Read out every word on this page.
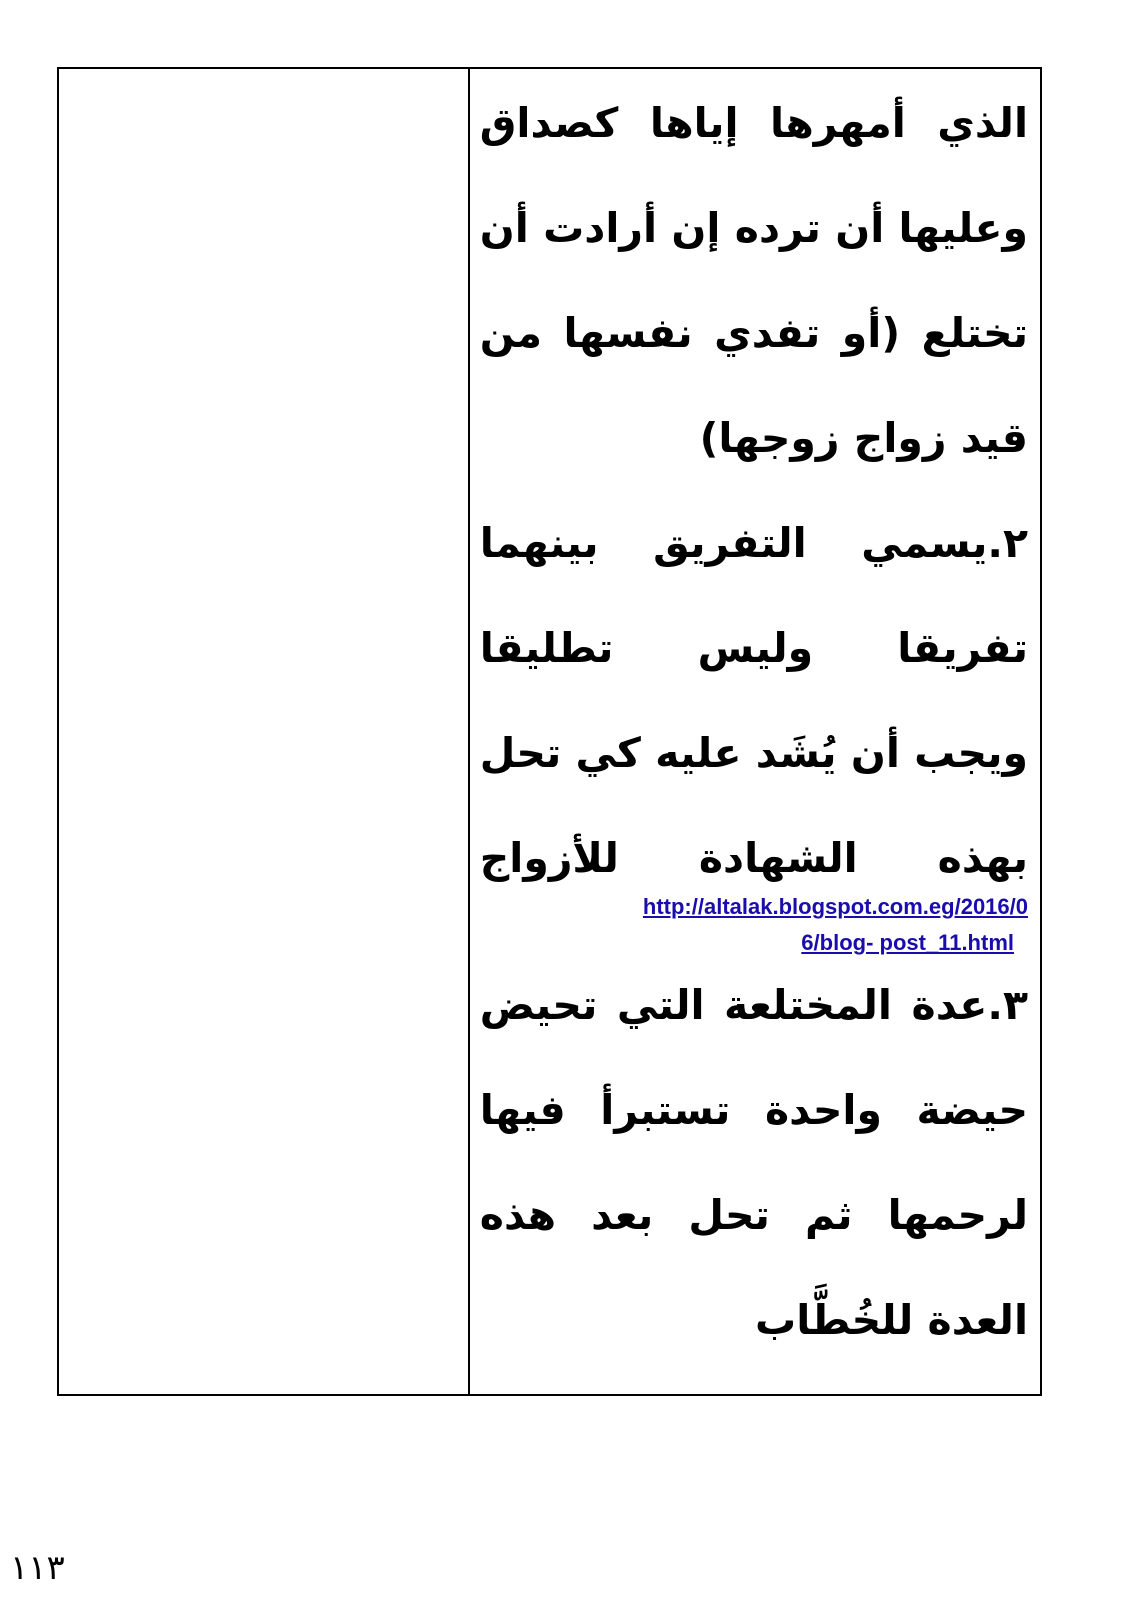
الذي أمهرها إياها كصداق

وعليها أن ترده إن أرادت أن

تختلع (أو تفدي نفسها من

قيد زواج زوجها)

٢.يسمي التفريق بينهما

تفريقا وليس تطليقا

ويجب أن يُشَد عليه كي تحل

بهذه الشهادة للأزواج

http://altalak.blogspot.com.eg/2016/0
6/blog- post_11.html

٣.عدة المختلعة التي تحيض

حيضة واحدة تستبرأ فيها

لرحمها ثم تحل بعد هذه

العدة للخُطَّاب

١١٣
